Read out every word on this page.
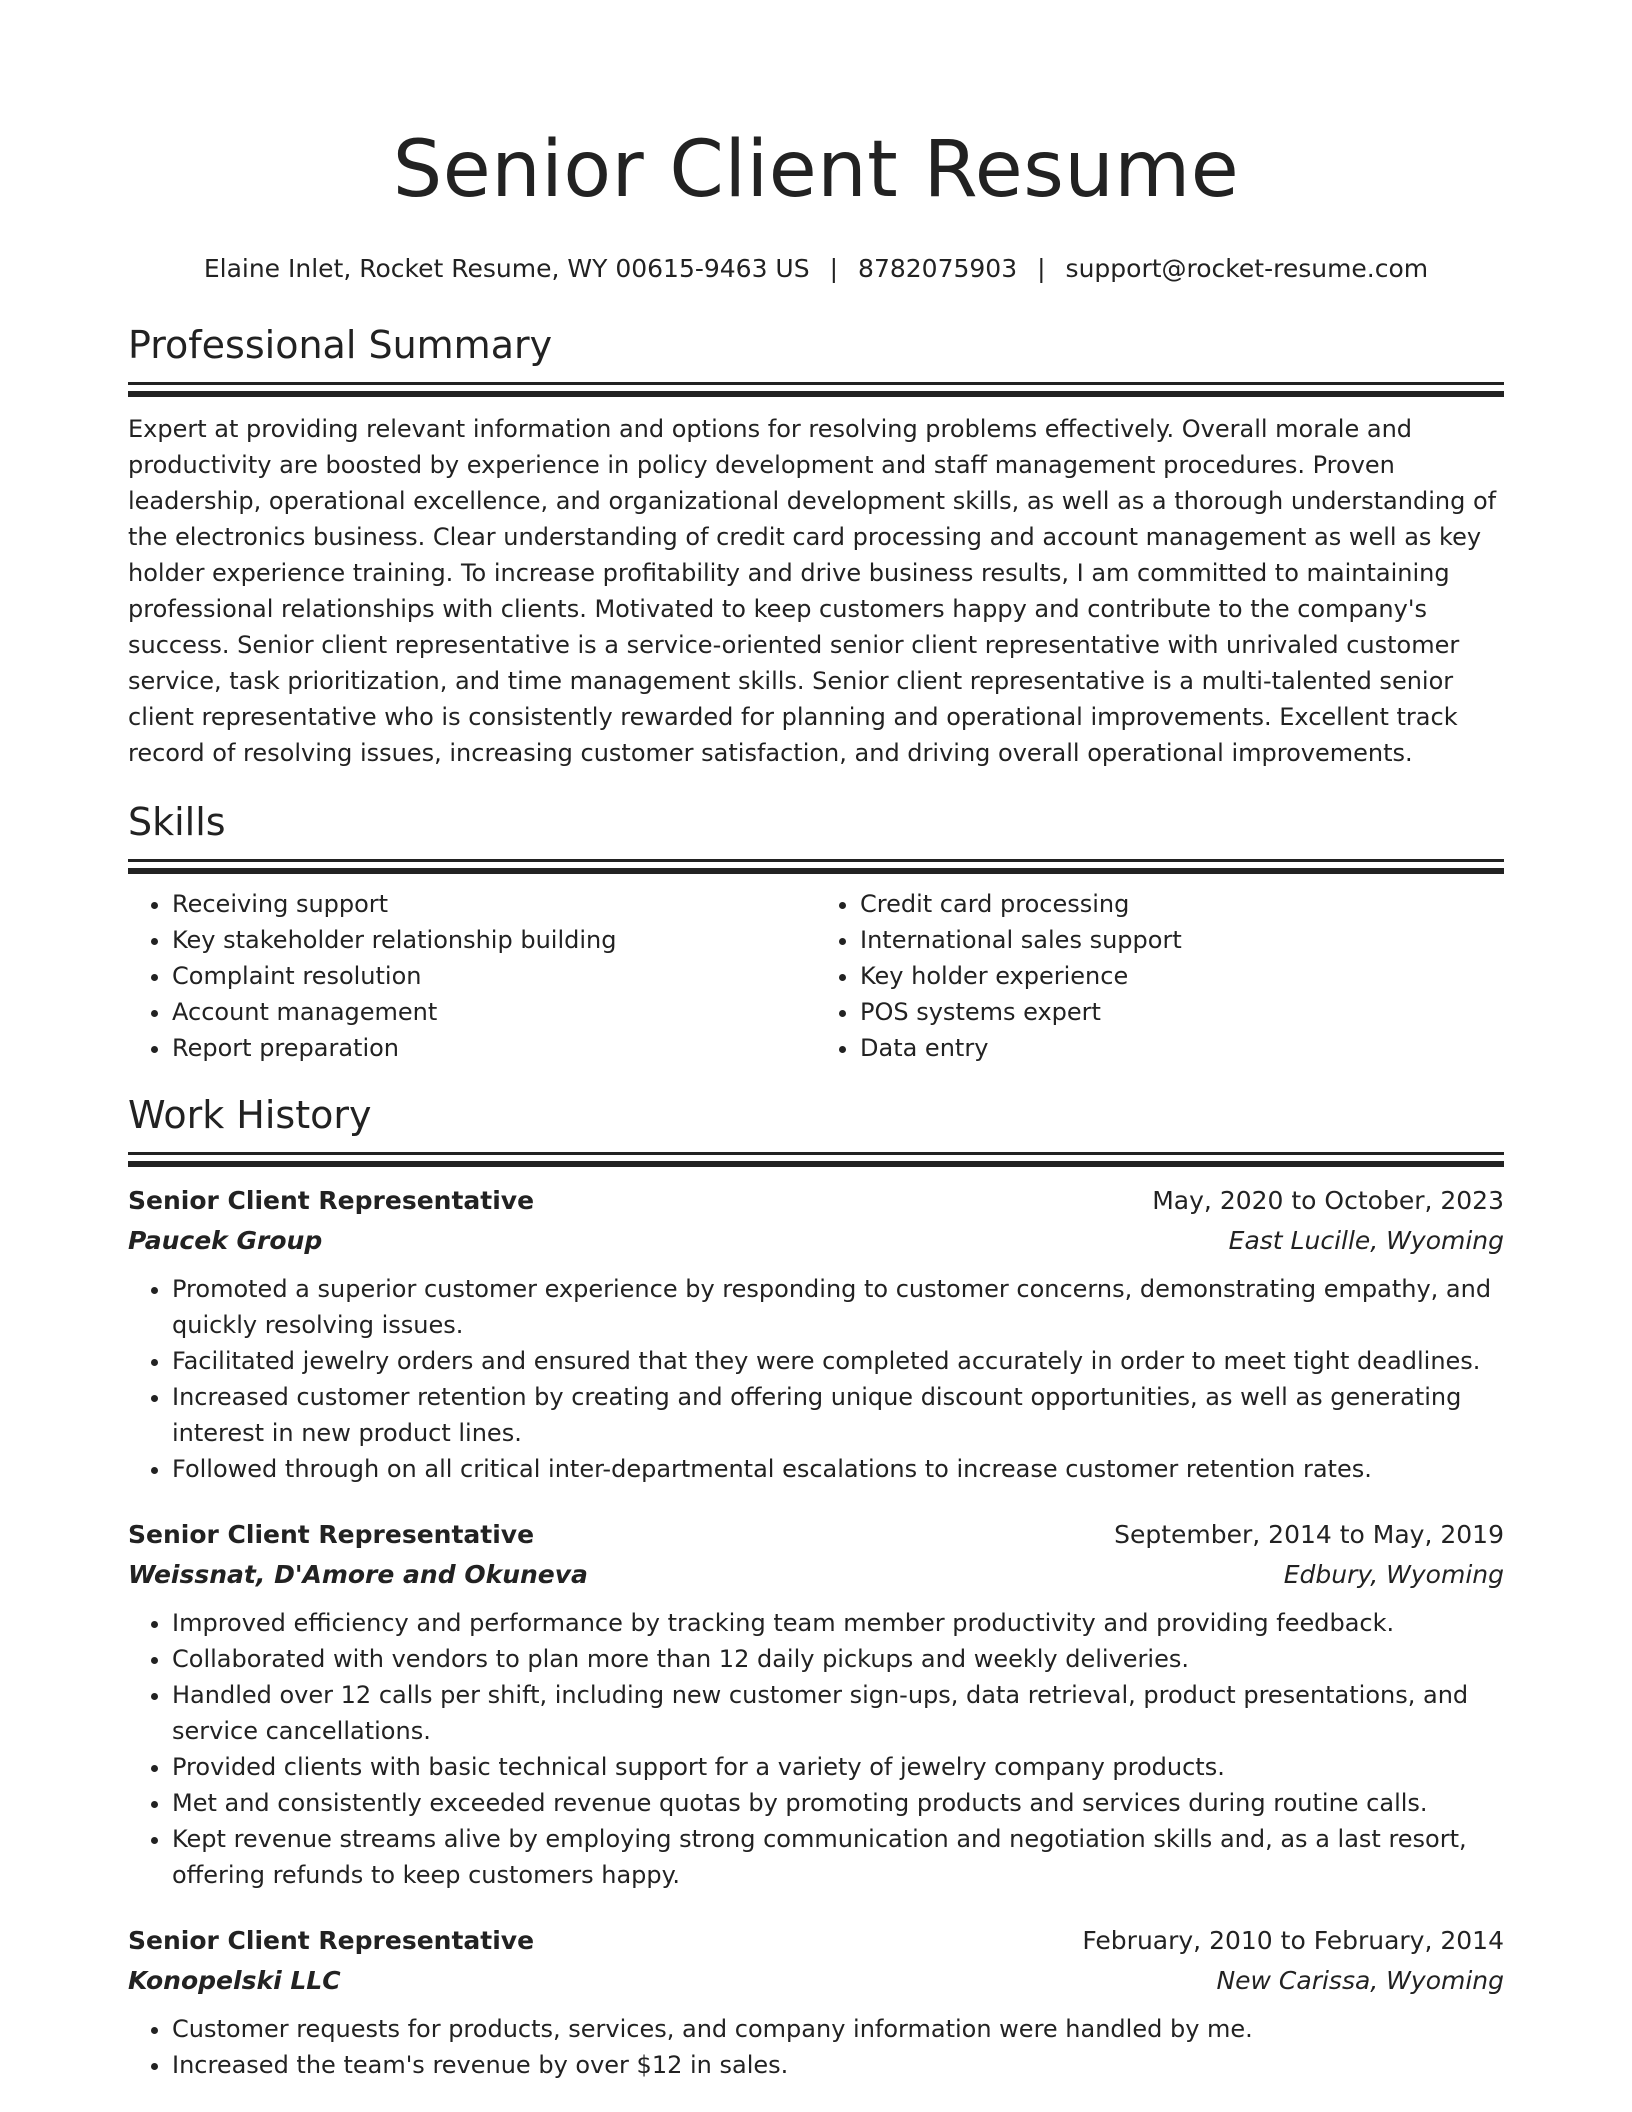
Senior Client Resume
Elaine Inlet, Rocket Resume, WY 00615-9463 US | 8782075903 | support@rocket-resume.com
Professional Summary

Expert at providing relevant information and options for resolving problems effectively. Overall morale and productivity are boosted by experience in policy development and staff management procedures. Proven leadership, operational excellence, and organizational development skills, as well as a thorough understanding of the electronics business. Clear understanding of credit card processing and account management as well as key holder experience training. To increase profitability and drive business results, I am committed to maintaining professional relationships with clients. Motivated to keep customers happy and contribute to the company's success. Senior client representative is a service-oriented senior client representative with unrivaled customer service, task prioritization, and time management skills. Senior client representative is a multi-talented senior client representative who is consistently rewarded for planning and operational improvements. Excellent track record of resolving issues, increasing customer satisfaction, and driving overall operational improvements.

Skills
• Receiving support
• Key stakeholder relationship building
• Complaint resolution
• Account management
• Report preparation
• Credit card processing
• International sales support
• Key holder experience
• POS systems expert
• Data entry
Work History
Senior Client Representative	May, 2020 to October, 2023
Paucek Group	East Lucille, Wyoming
• Promoted a superior customer experience by responding to customer concerns, demonstrating empathy, and quickly resolving issues.
• Facilitated jewelry orders and ensured that they were completed accurately in order to meet tight deadlines.
• Increased customer retention by creating and offering unique discount opportunities, as well as generating interest in new product lines.
• Followed through on all critical inter-departmental escalations to increase customer retention rates.
Senior Client Representative	September, 2014 to May, 2019
Weissnat, D'Amore and Okuneva	Edbury, Wyoming
• Improved efficiency and performance by tracking team member productivity and providing feedback.
• Collaborated with vendors to plan more than 12 daily pickups and weekly deliveries.
• Handled over 12 calls per shift, including new customer sign-ups, data retrieval, product presentations, and service cancellations.
• Provided clients with basic technical support for a variety of jewelry company products.
• Met and consistently exceeded revenue quotas by promoting products and services during routine calls.
• Kept revenue streams alive by employing strong communication and negotiation skills and, as a last resort, offering refunds to keep customers happy.
Senior Client Representative	February, 2010 to February, 2014
Konopelski LLC	New Carissa, Wyoming
• Customer requests for products, services, and company information were handled by me.
• Increased the team's revenue by over $12 in sales.
